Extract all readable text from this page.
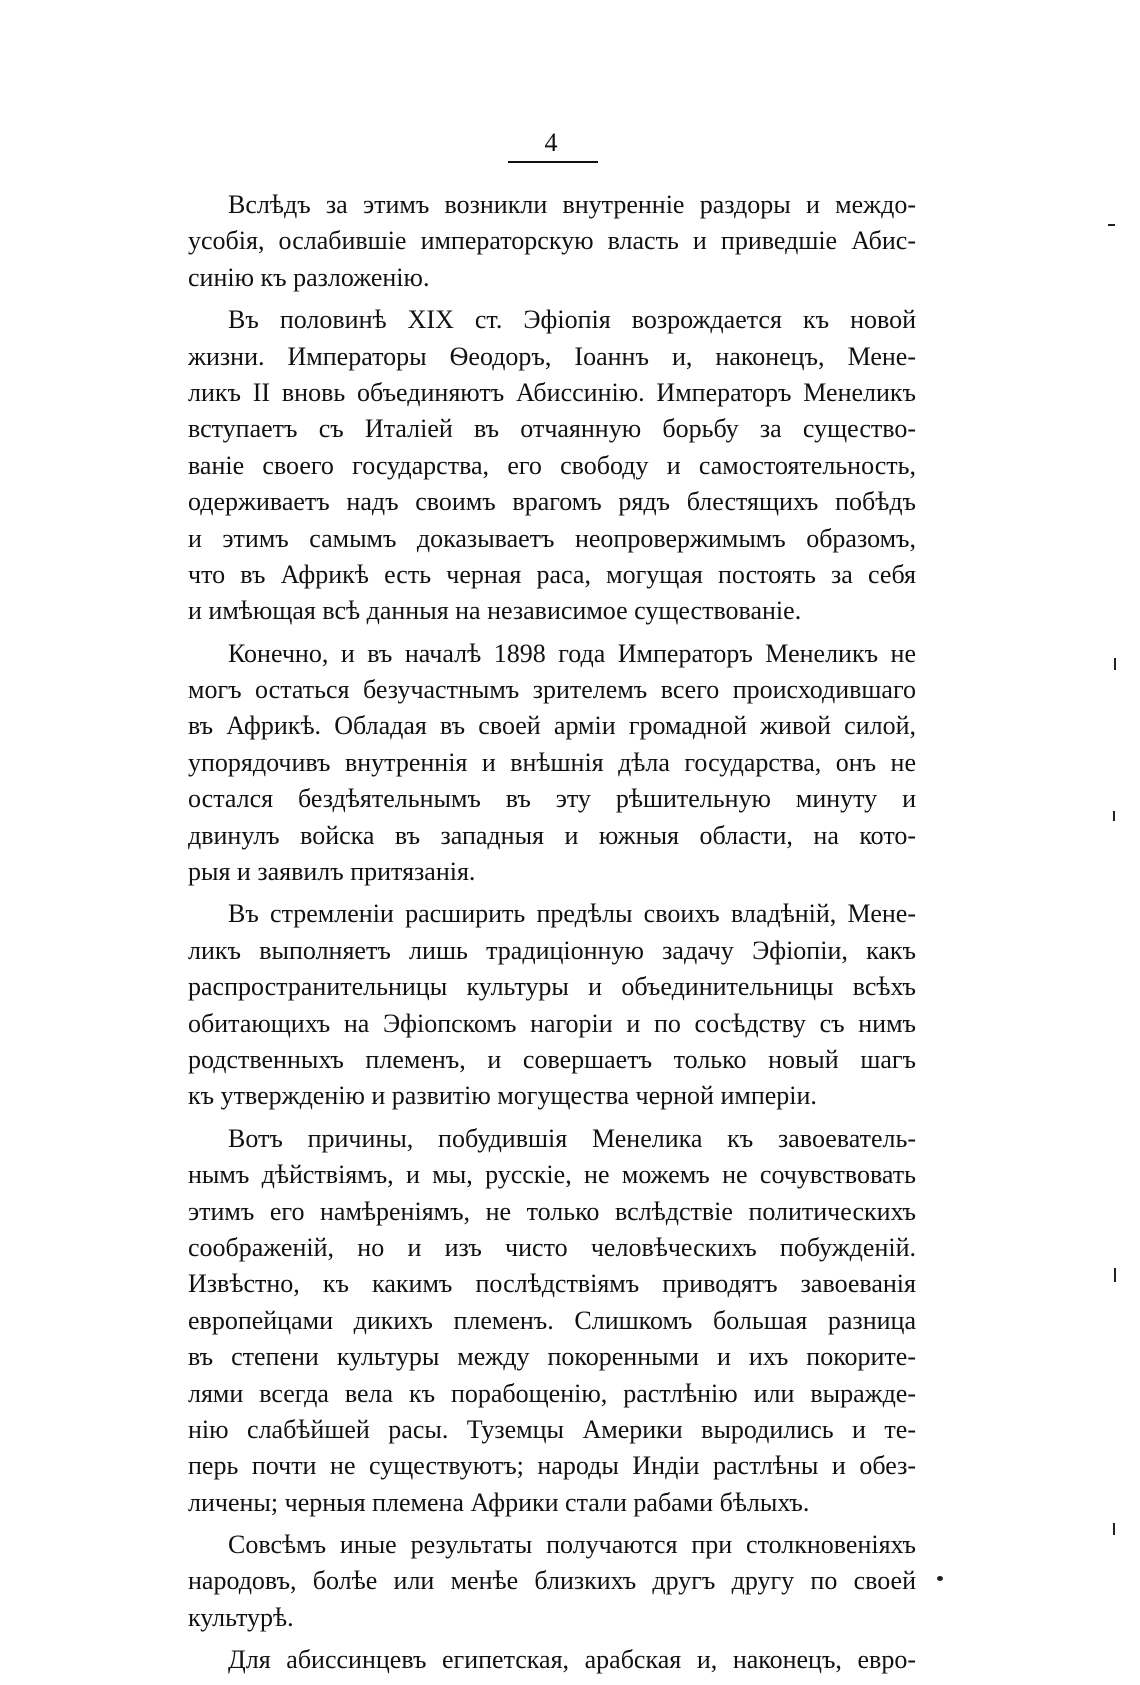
4

Вслѣдъ за этимъ возникли внутренніе раздоры и междо-
усобія, ослабившіе императорскую власть и приведшіе Абис-
синію къ разложенію.

Въ половинѣ XIX ст. Эфіопія возрождается къ новой
жизни. Императоры Ѳеодоръ, Іоаннъ и, наконецъ, Мене-
ликъ II вновь объединяютъ Абиссинію. Императоръ Менеликъ
вступаетъ съ Италіей въ отчаянную борьбу за существо-
ваніе своего государства, его свободу и самостоятельность,
одерживаетъ надъ своимъ врагомъ рядъ блестящихъ побѣдъ
и этимъ самымъ доказываетъ неопровержимымъ образомъ,
что въ Африкѣ есть черная раса, могущая постоять за себя
и имѣющая всѣ данныя на независимое существованіе.

Конечно, и въ началѣ 1898 года Императоръ Менеликъ не
могъ остаться безучастнымъ зрителемъ всего происходившаго
въ Африкѣ. Обладая въ своей арміи громадной живой силой,
упорядочивъ внутреннія и внѣшнія дѣла государства, онъ не
остался бездѣятельнымъ въ эту рѣшительную минуту и
двинулъ войска въ западныя и южныя области, на кото-
рыя и заявилъ притязанія.

Въ стремленіи расширить предѣлы своихъ владѣній, Мене-
ликъ выполняетъ лишь традиціонную задачу Эфіопіи, какъ
распространительницы культуры и объединительницы всѣхъ
обитающихъ на Эфіопскомъ нагоріи и по сосѣдству съ нимъ
родственныхъ племенъ, и совершаетъ только новый шагъ
къ утвержденію и развитію могущества черной имперіи.

Вотъ причины, побудившія Менелика къ завоеватель-
нымъ дѣйствіямъ, и мы, русскіе, не можемъ не сочувствовать
этимъ его намѣреніямъ, не только вслѣдствіе политическихъ
соображеній, но и изъ чисто человѣческихъ побужденій.
Извѣстно, къ какимъ послѣдствіямъ приводятъ завоеванія
европейцами дикихъ племенъ. Слишкомъ большая разница
въ степени культуры между покоренными и ихъ покорите-
лями всегда вела къ порабощенію, растлѣнію или выражде-
нію слабѣйшей расы. Туземцы Америки выродились и те-
перь почти не существуютъ; народы Индіи растлѣны и обез-
личены; черныя племена Африки стали рабами бѣлыхъ.

Совсѣмъ иные результаты получаются при столкновеніяхъ
народовъ, болѣе или менѣе близкихъ другъ другу по своей
культурѣ.

Для абиссинцевъ египетская, арабская и, наконецъ, евро-
